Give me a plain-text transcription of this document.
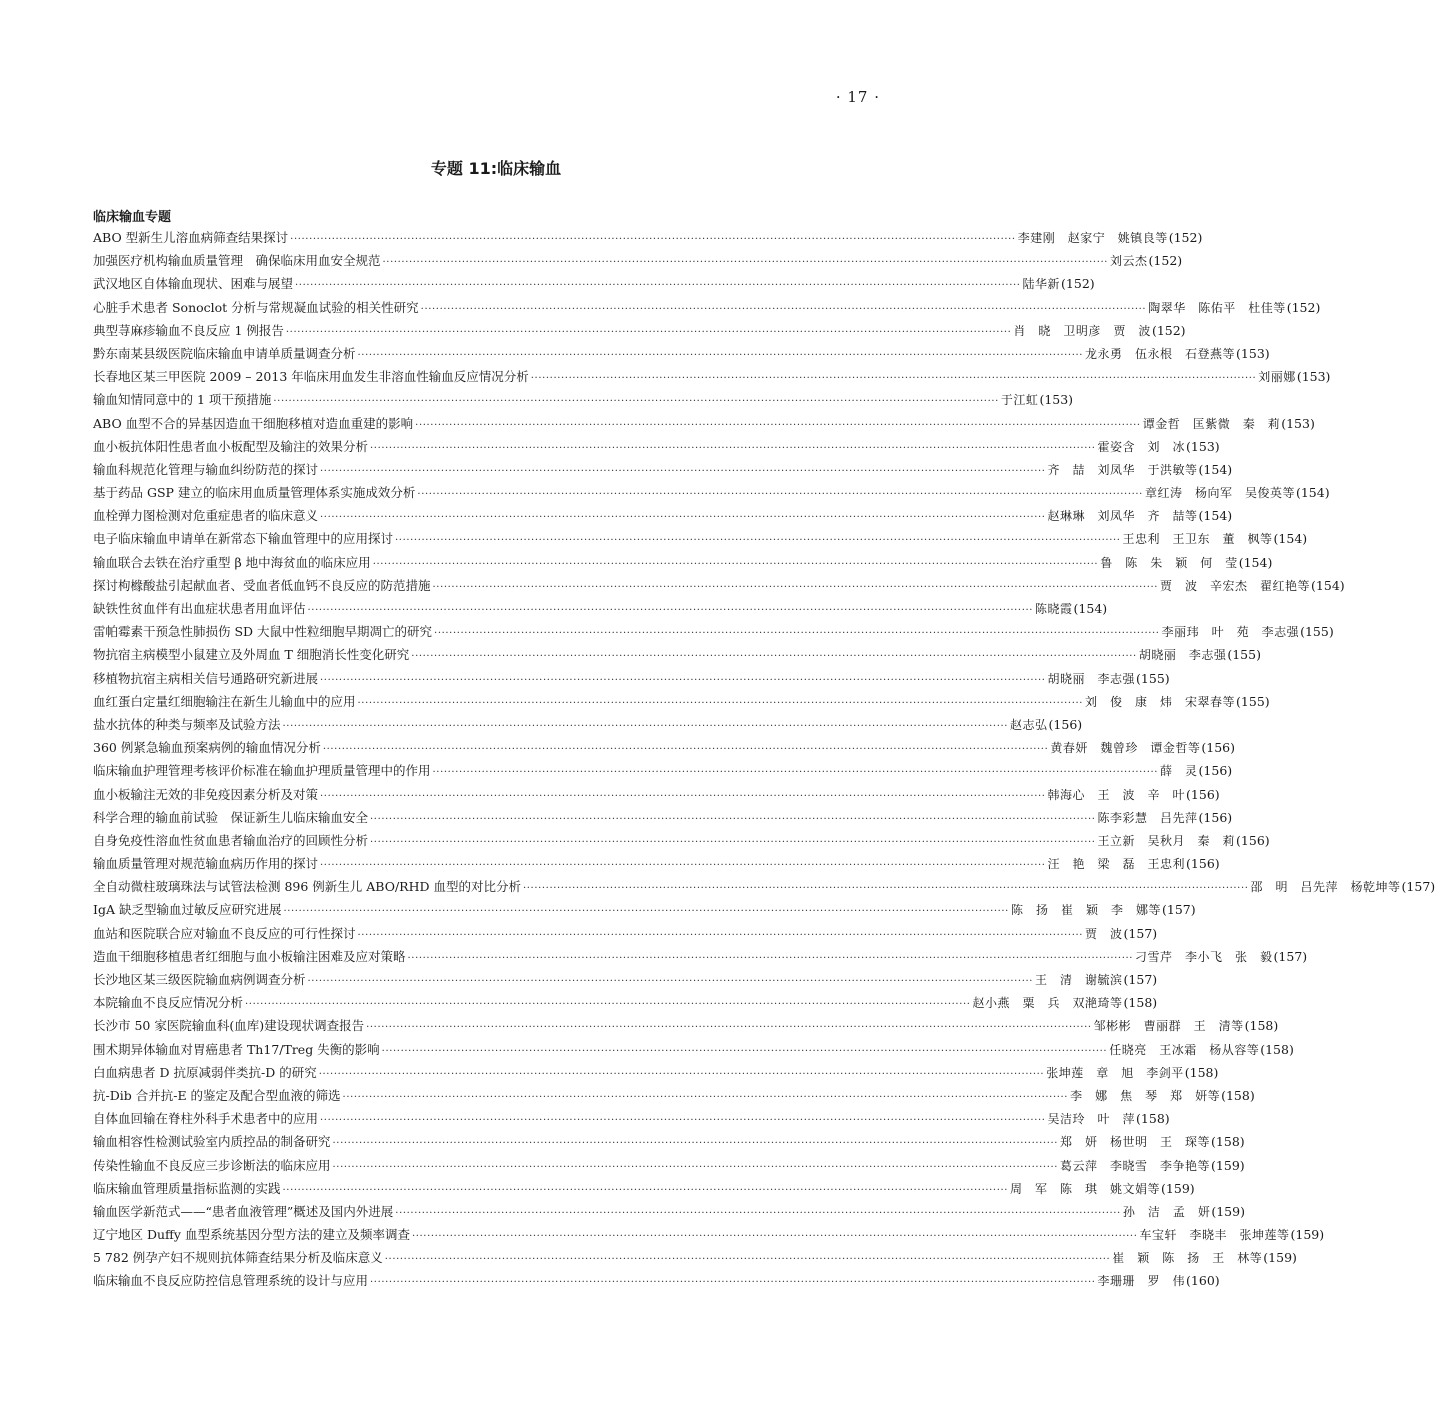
· 17 ·
专题 11:临床输血
临床输血专题
ABO 型新生儿溶血病筛查结果探讨 ·····	李建刚　赵家宁　姚镇良等 (152)
加强医疗机构输血质量管理　确保临床用血安全规范 ·····	刘云杰 (152)
武汉地区自体输血现状、困难与展望 ·····	陆华新 (152)
心脏手术患者 Sonoclot 分析与常规凝血试验的相关性研究 ·····	陶翠华　陈佑平　杜佳等 (152)
典型荨麻疹输血不良反应 1 例报告 ·····	肖　晓　卫明彦　贾　波 (152)
黔东南某县级医院临床输血申请单质量调查分析 ·····	龙永勇　伍永根　石登燕等 (153)
长春地区某三甲医院 2009 – 2013 年临床用血发生非溶血性输血反应情况分析 ·····	刘丽娜 (153)
输血知情同意中的 1 项干预措施 ·····	于江虹 (153)
ABO 血型不合的异基因造血干细胞移植对造血重建的影响 ·····	谭金哲　匡紫微　秦　莉 (153)
血小板抗体阳性患者血小板配型及输注的效果分析 ·····	霍姿含　刘　冰 (153)
输血科规范化管理与输血纠纷防范的探讨 ·····	齐　喆　刘凤华　于洪敏等 (154)
基于药品 GSP 建立的临床用血质量管理体系实施成效分析 ·····	章红涛　杨向军　吴俊英等 (154)
血栓弹力图检测对危重症患者的临床意义 ·····	赵琳琳　刘凤华　齐　喆等 (154)
电子临床输血申请单在新常态下输血管理中的应用探讨 ·····	王忠利　王卫东　董　枫等 (154)
输血联合去铁在治疗重型 β 地中海贫血的临床应用 ·····	鲁　陈　朱　颖　何　莹 (154)
探讨枸橼酸盐引起献血者、受血者低血钙不良反应的防范措施 ·····	贾　波　辛宏杰　翟红艳等 (154)
缺铁性贫血伴有出血症状患者用血评估 ·····	陈晓霞 (154)
雷帕霉素干预急性肺损伤 SD 大鼠中性粒细胞早期凋亡的研究 ·····	李丽玮　叶　苑　李志强 (155)
物抗宿主病模型小鼠建立及外周血 T 细胞消长性变化研究 ·····	胡晓丽　李志强 (155)
移植物抗宿主病相关信号通路研究新进展 ·····	胡晓丽　李志强 (155)
血红蛋白定量红细胞输注在新生儿输血中的应用 ·····	刘　俊　康　炜　宋翠春等 (155)
盐水抗体的种类与频率及试验方法 ·····	赵志弘 (156)
360 例紧急输血预案病例的输血情况分析 ·····	黄春妍　魏曾珍　谭金哲等 (156)
临床输血护理管理考核评价标准在输血护理质量管理中的作用 ·····	薛　灵 (156)
血小板输注无效的非免疫因素分析及对策 ·····	韩海心　王　波　辛　叶 (156)
科学合理的输血前试验　保证新生儿临床输血安全 ·····	陈李彩慧　吕先萍 (156)
自身免疫性溶血性贫血患者输血治疗的回顾性分析 ·····	王立新　吴秋月　秦　莉 (156)
输血质量管理对规范输血病历作用的探讨 ·····	汪　艳　梁　磊　王忠利 (156)
全自动微柱玻璃珠法与试管法检测 896 例新生儿 ABO/RHD 血型的对比分析 ·····	邵　明　吕先萍　杨乾坤等 (157)
IgA 缺乏型输血过敏反应研究进展 ·····	陈　扬　崔　颖　李　娜等 (157)
血站和医院联合应对输血不良反应的可行性探讨 ·····	贾　波 (157)
造血干细胞移植患者红细胞与血小板输注困难及应对策略 ·····	刁雪芹　李小飞　张　毅 (157)
长沙地区某三级医院输血病例调查分析 ·····	王　清　谢毓滨 (157)
本院输血不良反应情况分析 ·····	赵小燕　粟　兵　双滟琦等 (158)
长沙市 50 家医院输血科(血库)建设现状调查报告 ·····	邹彬彬　曹丽群　王　清等 (158)
围术期异体输血对胃癌患者 Th17/Treg 失衡的影响 ·····	任晓亮　王冰霜　杨从容等 (158)
白血病患者 D 抗原减弱伴类抗-D 的研究 ·····	张坤莲　章　旭　李剑平 (158)
抗-Dib 合并抗-E 的鉴定及配合型血液的筛选 ·····	李　娜　焦　琴　郑　妍等 (158)
自体血回输在脊柱外科手术患者中的应用 ·····	吴洁玲　叶　萍 (158)
输血相容性检测试验室内质控品的制备研究 ·····	郑　妍　杨世明　王　琛等 (158)
传染性输血不良反应三步诊断法的临床应用 ·····	葛云萍　李晓雪　李争艳等 (159)
临床输血管理质量指标监测的实践 ·····	周　军　陈　琪　姚文娟等 (159)
输血医学新范式——“患者血液管理”概述及国内外进展 ·····	孙　洁　孟　妍 (159)
辽宁地区 Duffy 血型系统基因分型方法的建立及频率调查 ·····	车宝轩　李晓丰　张坤莲等 (159)
5 782 例孕产妇不规则抗体筛查结果分析及临床意义 ·····	崔　颖　陈　扬　王　林等 (159)
临床输血不良反应防控信息管理系统的设计与应用 ·····	李珊珊　罗　伟 (160)
